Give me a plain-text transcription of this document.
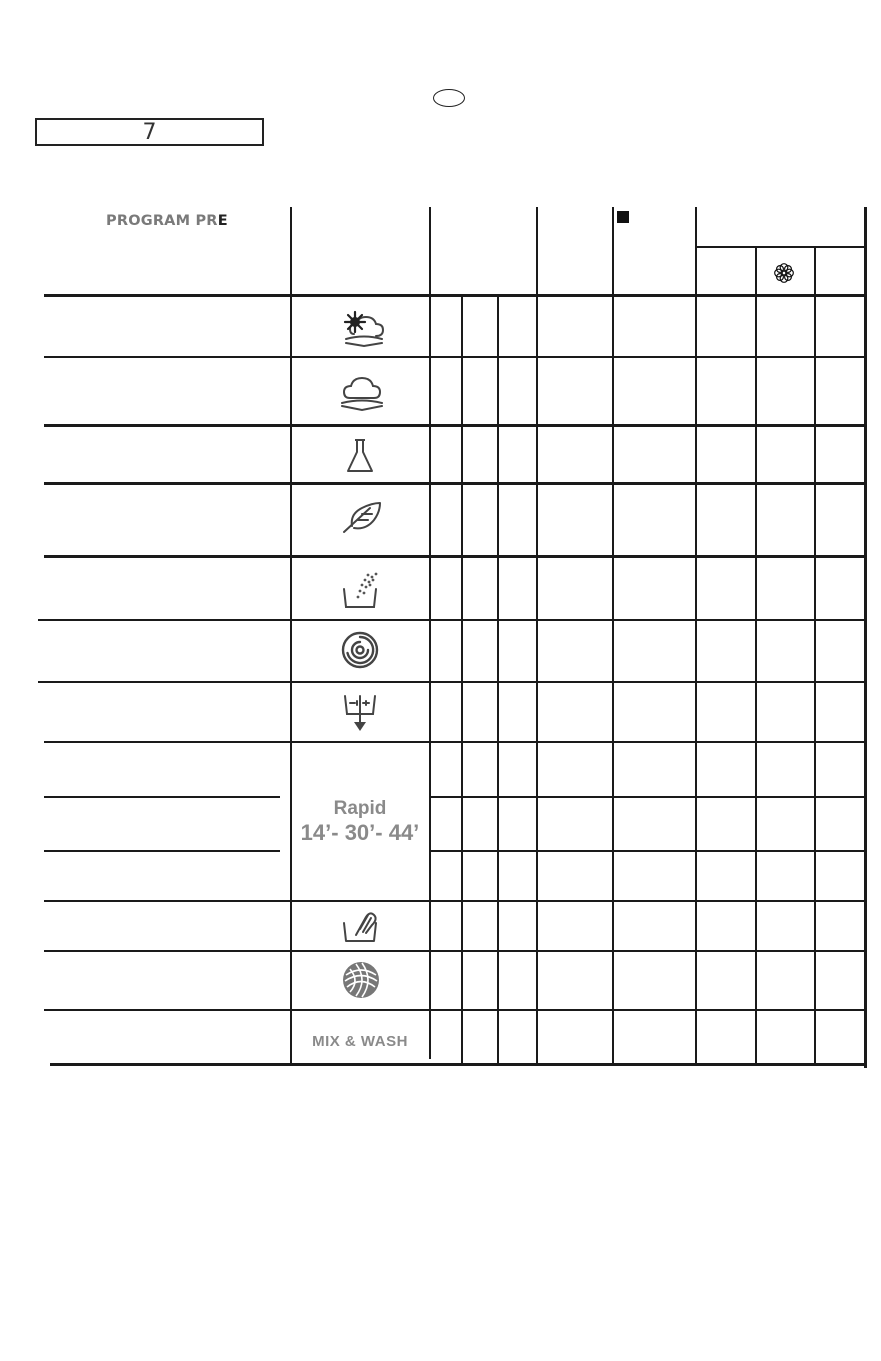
7
PROGRAM PRE
Rapid
14’- 30’- 44’
MIX & WASH
